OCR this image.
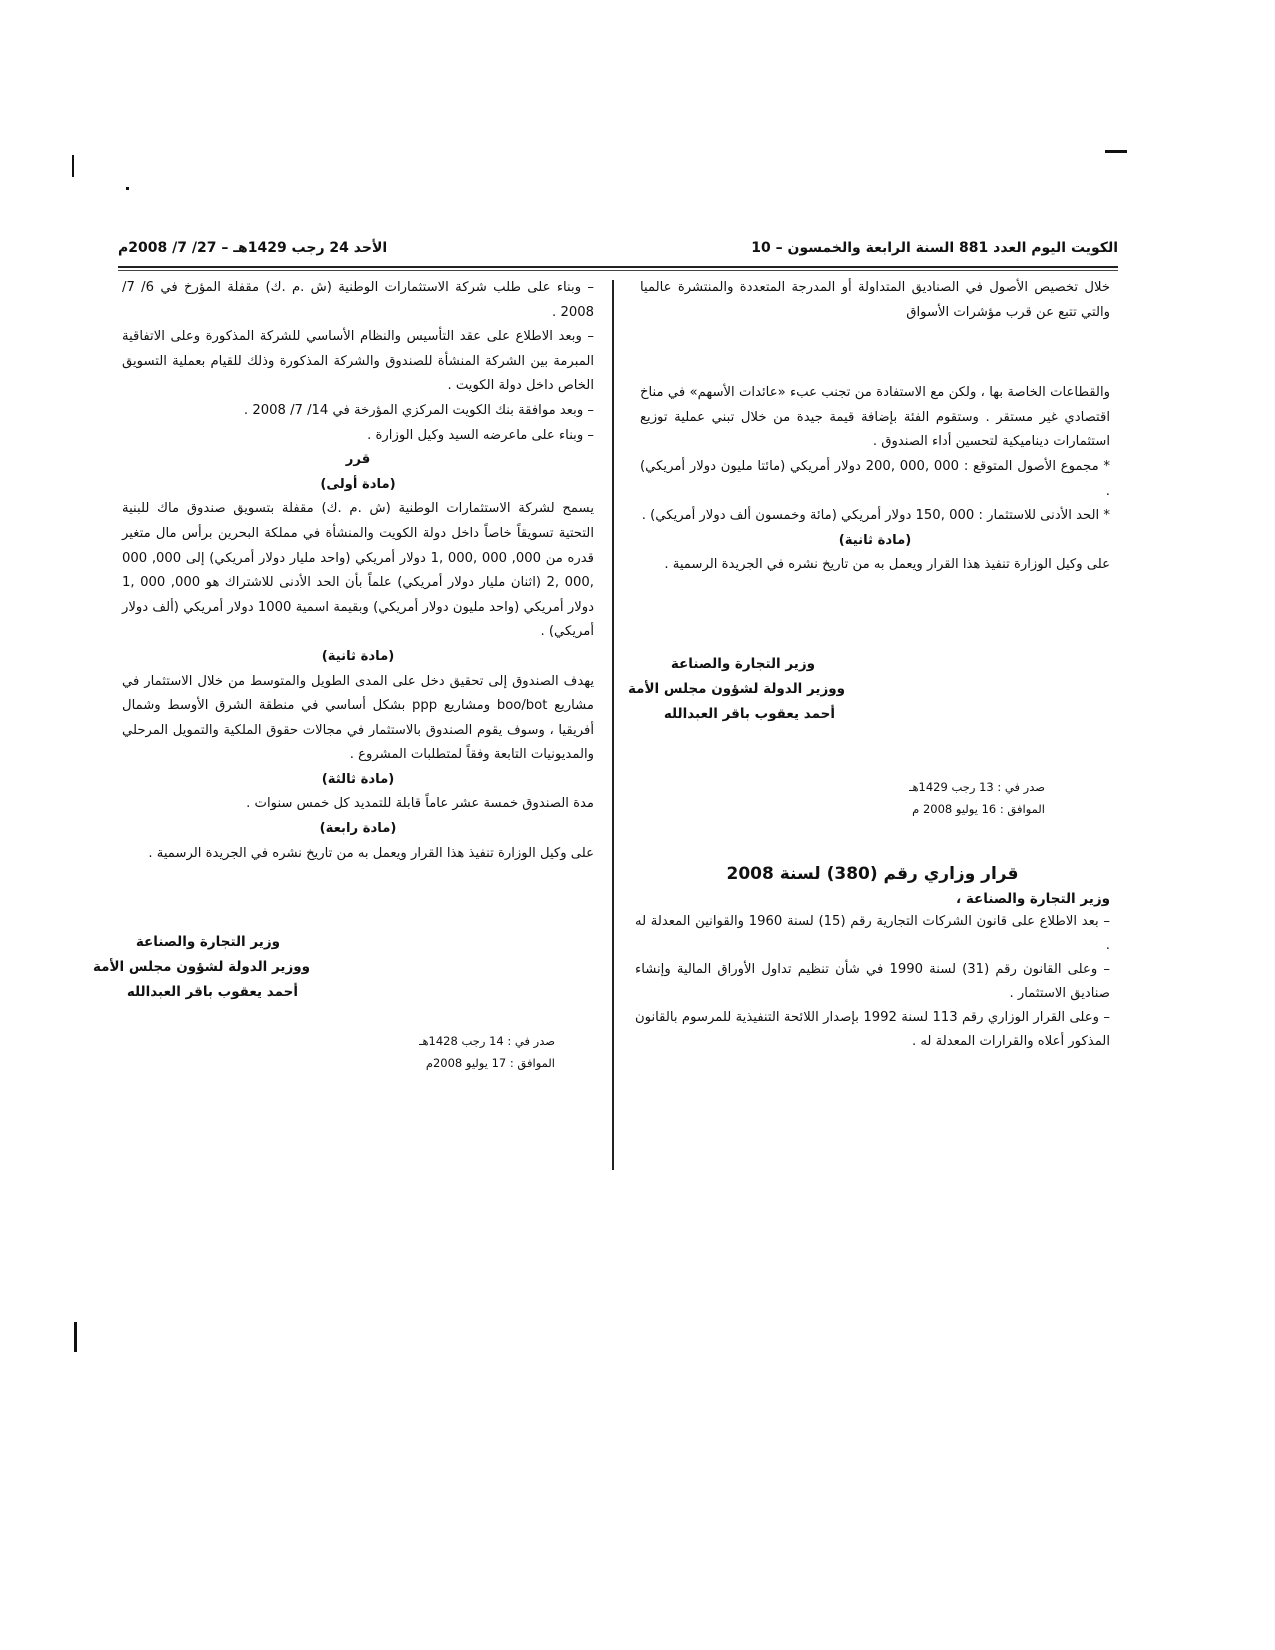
الكويت اليوم العدد 881 السنة الرابعة والخمسون – 10
الأحد 24 رجب 1429هـ – 27/ 7/ 2008م

خلال تخصيص الأصول في الصناديق المتداولة أو المدرجة المتعددة والمنتشرة عالميا والتي تتبع عن قرب مؤشرات الأسواق

والقطاعات الخاصة بها ، ولكن مع الاستفادة من تجنب عبء «عائدات الأسهم» في مناخ اقتصادي غير مستقر . وستقوم الفئة بإضافة قيمة جيدة من خلال تبني عملية توزيع استثمارات ديناميكية لتحسين أداء الصندوق .

* مجموع الأصول المتوقع : 000 ,000 ,200 دولار أمريكي (مائتا مليون دولار أمريكي) .

* الحد الأدنى للاستثمار : 000 ,150 دولار أمريكي (مائة وخمسون ألف دولار أمريكي) .

(مادة ثانية)

على وكيل الوزارة تنفيذ هذا القرار ويعمل به من تاريخ نشره في الجريدة الرسمية .

وزير التجارة والصناعة
ووزير الدولة لشؤون مجلس الأمة
أحمد يعقوب باقر العبدالله
صدر في : 13 رجب 1429هـ
الموافق : 16 يوليو 2008 م
قرار وزاري رقم (380) لسنة 2008
وزير التجارة والصناعة ،

– بعد الاطلاع على قانون الشركات التجارية رقم (15) لسنة 1960 والقوانين المعدلة له .

– وعلى القانون رقم (31) لسنة 1990 في شأن تنظيم تداول الأوراق المالية وإنشاء صناديق الاستثمار .

– وعلى القرار الوزاري رقم 113 لسنة 1992 بإصدار اللائحة التنفيذية للمرسوم بالقانون المذكور أعلاه والقرارات المعدلة له .

– وبناء على طلب شركة الاستثمارات الوطنية (ش .م .ك) مقفلة المؤرخ في 6/ 7/ 2008 .

– وبعد الاطلاع على عقد التأسيس والنظام الأساسي للشركة المذكورة وعلى الاتفاقية المبرمة بين الشركة المنشأة للصندوق والشركة المذكورة وذلك للقيام بعملية التسويق الخاص داخل دولة الكويت .

– وبعد موافقة بنك الكويت المركزي المؤرخة في 14/ 7/ 2008 .

– وبناء على ماعرضه السيد وكيل الوزارة .

قرر

(مادة أولى)

يسمح لشركة الاستثمارات الوطنية (ش .م .ك) مقفلة بتسويق صندوق ماك للبنية التحتية تسويقاً خاصاً داخل دولة الكويت والمنشأة في مملكة البحرين برأس مال متغير قدره من 000, 000 ,000 ,1 دولار أمريكي (واحد مليار دولار أمريكي) إلى 000, 000 ,000 ,2 (اثنان مليار دولار أمريكي) علماً بأن الحد الأدنى للاشتراك هو 000, 000 ,1 دولار أمريكي (واحد مليون دولار أمريكي) وبقيمة اسمية 1000 دولار أمريكي (ألف دولار أمريكي) .

(مادة ثانية)

يهدف الصندوق إلى تحقيق دخل على المدى الطويل والمتوسط من خلال الاستثمار في مشاريع boo/bot ومشاريع ppp بشكل أساسي في منطقة الشرق الأوسط وشمال أفريقيا ، وسوف يقوم الصندوق بالاستثمار في مجالات حقوق الملكية والتمويل المرحلي والمديونيات التابعة وفقاً لمتطلبات المشروع .

(مادة ثالثة)

مدة الصندوق خمسة عشر عاماً قابلة للتمديد كل خمس سنوات .

(مادة رابعة)

على وكيل الوزارة تنفيذ هذا القرار ويعمل به من تاريخ نشره في الجريدة الرسمية .

وزير التجارة والصناعة
ووزير الدولة لشؤون مجلس الأمة
أحمد يعقوب باقر العبدالله
صدر في : 14 رجب 1428هـ
الموافق : 17 يوليو 2008م
